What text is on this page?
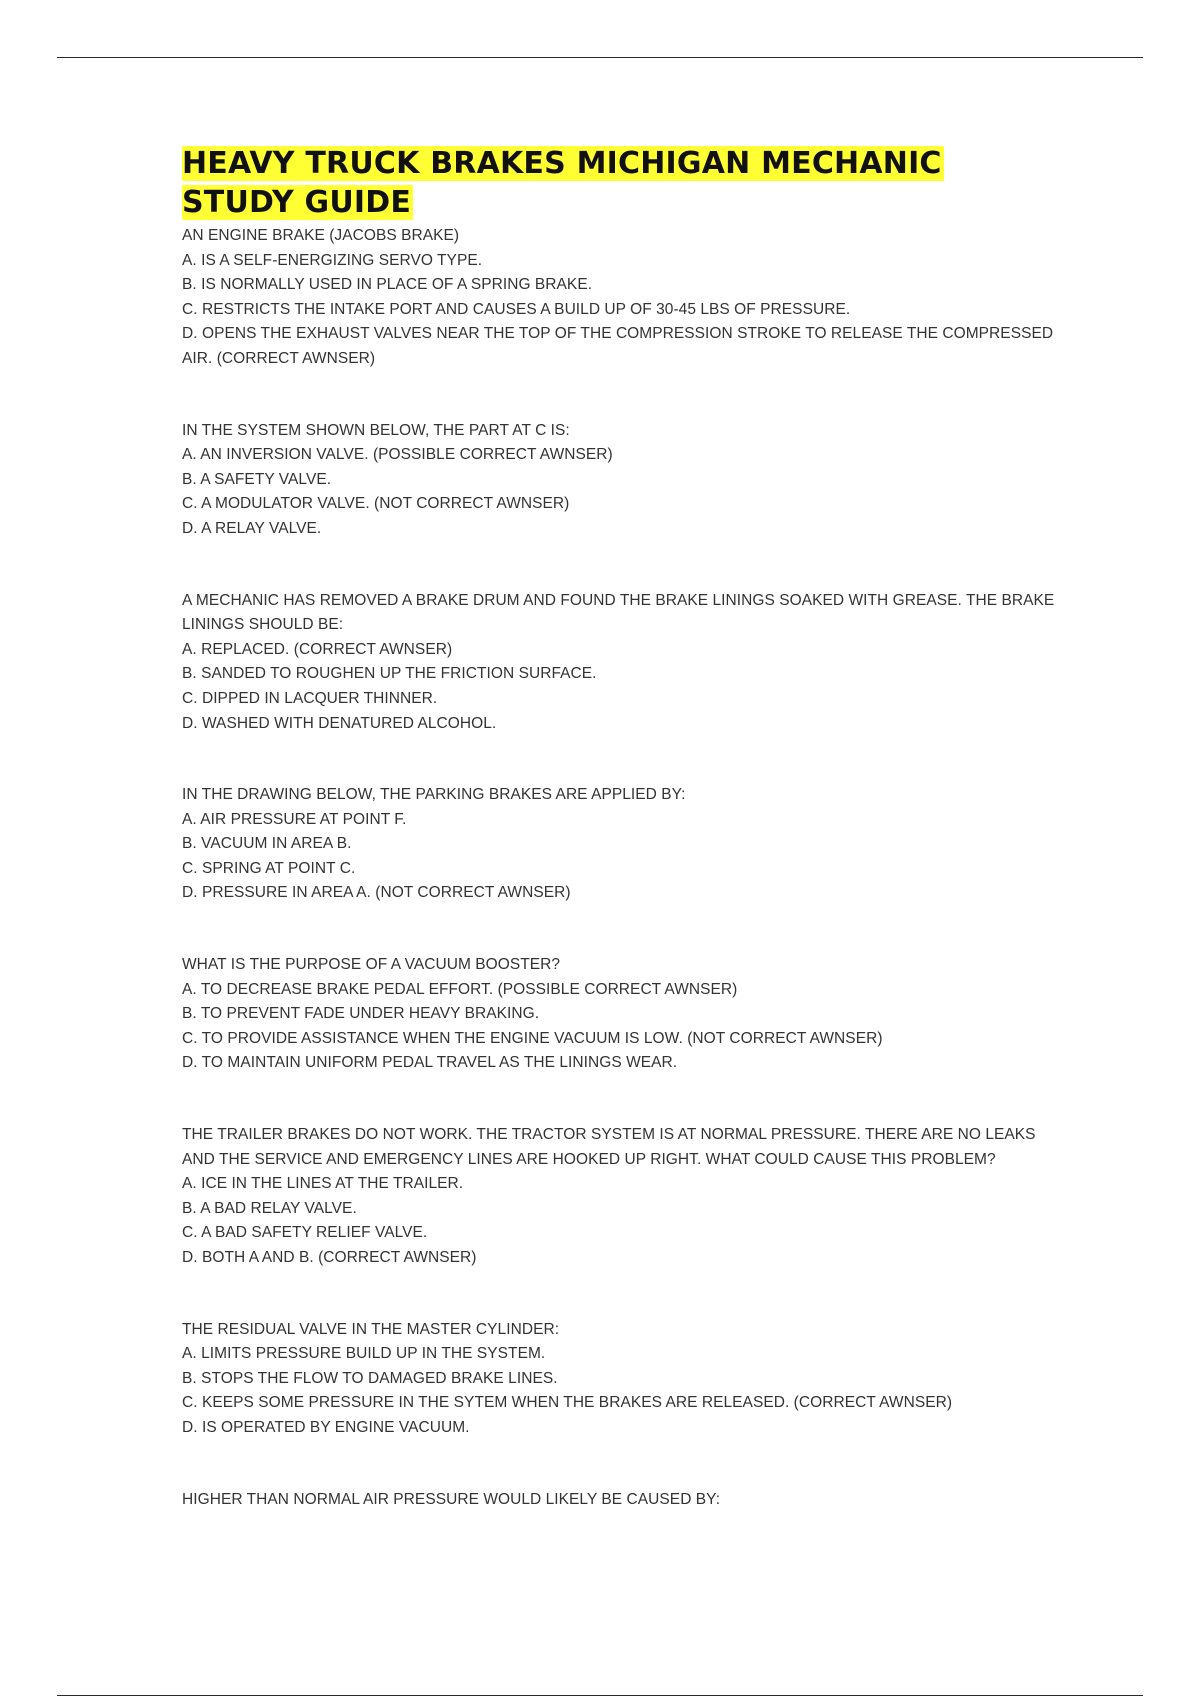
HEAVY TRUCK BRAKES MICHIGAN MECHANIC STUDY GUIDE
AN ENGINE BRAKE (JACOBS BRAKE)
A. IS A SELF-ENERGIZING SERVO TYPE.
B. IS NORMALLY USED IN PLACE OF A SPRING BRAKE.
C. RESTRICTS THE INTAKE PORT AND CAUSES A BUILD UP OF 30-45 LBS OF PRESSURE.
D. OPENS THE EXHAUST VALVES NEAR THE TOP OF THE COMPRESSION STROKE TO RELEASE THE COMPRESSED AIR. (CORRECT AWNSER)
IN THE SYSTEM SHOWN BELOW, THE PART AT C IS:
A. AN INVERSION VALVE. (POSSIBLE CORRECT AWNSER)
B. A SAFETY VALVE.
C. A MODULATOR VALVE. (NOT CORRECT AWNSER)
D. A RELAY VALVE.
A MECHANIC HAS REMOVED A BRAKE DRUM AND FOUND THE BRAKE LININGS SOAKED WITH GREASE. THE BRAKE LININGS SHOULD BE:
A. REPLACED. (CORRECT AWNSER)
B. SANDED TO ROUGHEN UP THE FRICTION SURFACE.
C. DIPPED IN LACQUER THINNER.
D. WASHED WITH DENATURED ALCOHOL.
IN THE DRAWING BELOW, THE PARKING BRAKES ARE APPLIED BY:
A. AIR PRESSURE AT POINT F.
B. VACUUM IN AREA B.
C. SPRING AT POINT C.
D. PRESSURE IN AREA A. (NOT CORRECT AWNSER)
WHAT IS THE PURPOSE OF A VACUUM BOOSTER?
A. TO DECREASE BRAKE PEDAL EFFORT. (POSSIBLE CORRECT AWNSER)
B. TO PREVENT FADE UNDER HEAVY BRAKING.
C. TO PROVIDE ASSISTANCE WHEN THE ENGINE VACUUM IS LOW. (NOT CORRECT AWNSER)
D. TO MAINTAIN UNIFORM PEDAL TRAVEL AS THE LININGS WEAR.
THE TRAILER BRAKES DO NOT WORK. THE TRACTOR SYSTEM IS AT NORMAL PRESSURE. THERE ARE NO LEAKS AND THE SERVICE AND EMERGENCY LINES ARE HOOKED UP RIGHT. WHAT COULD CAUSE THIS PROBLEM?
A. ICE IN THE LINES AT THE TRAILER.
B. A BAD RELAY VALVE.
C. A BAD SAFETY RELIEF VALVE.
D. BOTH A AND B. (CORRECT AWNSER)
THE RESIDUAL VALVE IN THE MASTER CYLINDER:
A. LIMITS PRESSURE BUILD UP IN THE SYSTEM.
B. STOPS THE FLOW TO DAMAGED BRAKE LINES.
C. KEEPS SOME PRESSURE IN THE SYTEM WHEN THE BRAKES ARE RELEASED. (CORRECT AWNSER)
D. IS OPERATED BY ENGINE VACUUM.
HIGHER THAN NORMAL AIR PRESSURE WOULD LIKELY BE CAUSED BY:
